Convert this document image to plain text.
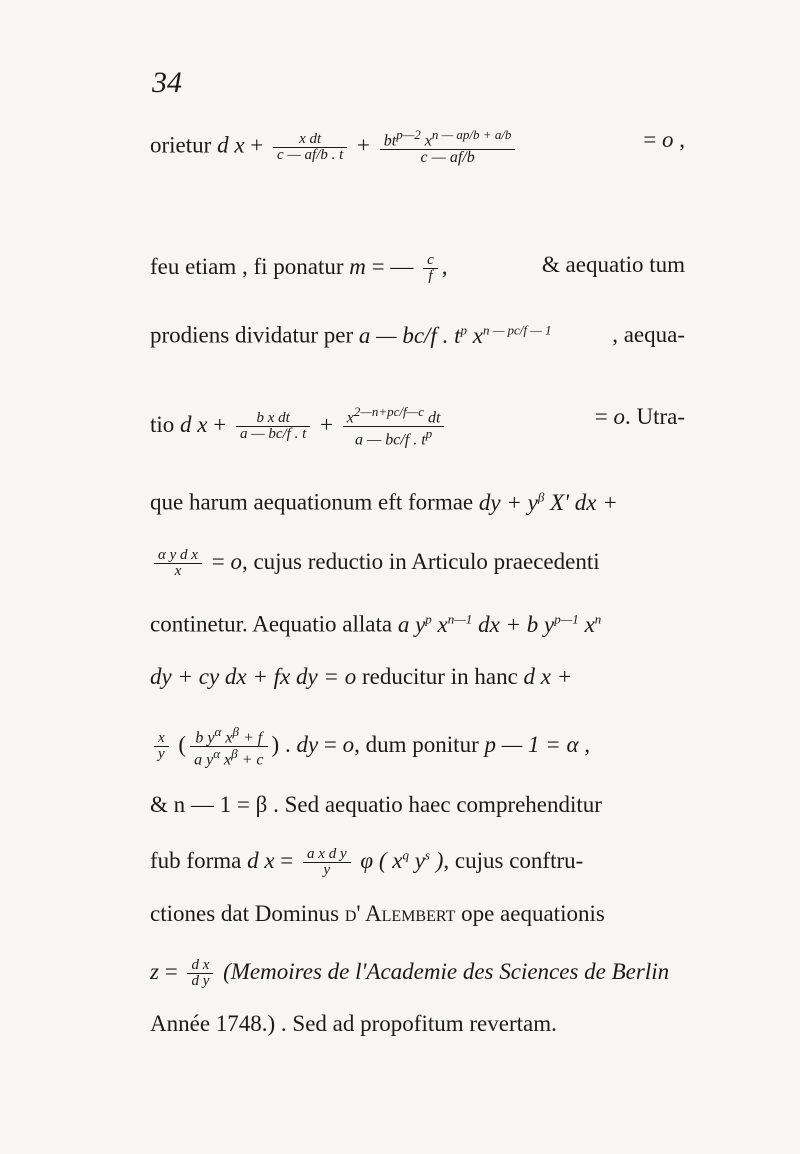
34
orietur d $x + \frac{\text{x dt}}{c — af/b . t} + \frac{bt^{p—2} x^{n — ap/b + a/b}}{c — af/b}$	= o ,
feu etiam , fi ponatur m = — $\frac{c}{f}$ ,	& aequatio tum
prodiens dividatur per a — bc/f . $t^p$ $x^{n — pc/f — 1}$	, aequa-
tio d $x + \frac{\text{b x dt}}{a — bc/f . t} + \frac{x^{2—n+pc/f—c} dt}{a — bc/f . t^p}$	= o. Utra-
que harum aequationum eft formae dy + $y^\beta$ X' dx +
$\frac{\text{α y d x}}{x} = o$, cujus reductio in Articulo praecedenti
continetur. Aequatio allata a $y^p$ $x^{n—1}$ dx + b $y^{p—1}$ $x^n$
dy + cy dx + fx dy = o reducitur in hanc d x +
$\frac{x}{y}$ ( $\frac{b y^\alpha x^\beta + f}{a y^\alpha x^\beta + c}$ ) . dy = o, dum ponitur p — 1 = α ,
& n — 1 = β . Sed aequatio haec comprehenditur
fub forma d $x = \frac{\text{a x d y}}{y}$ φ ( $x^q$ $y^s$ ), cujus conftru-
ctiones dat Dominus d' Alembert ope aequationis
$z = \frac{\text{d x}}{\text{d y}}$ (Memoires de l'Academie des Sciences de Berlin
Année 1748.) . Sed ad propofitum revertam.
